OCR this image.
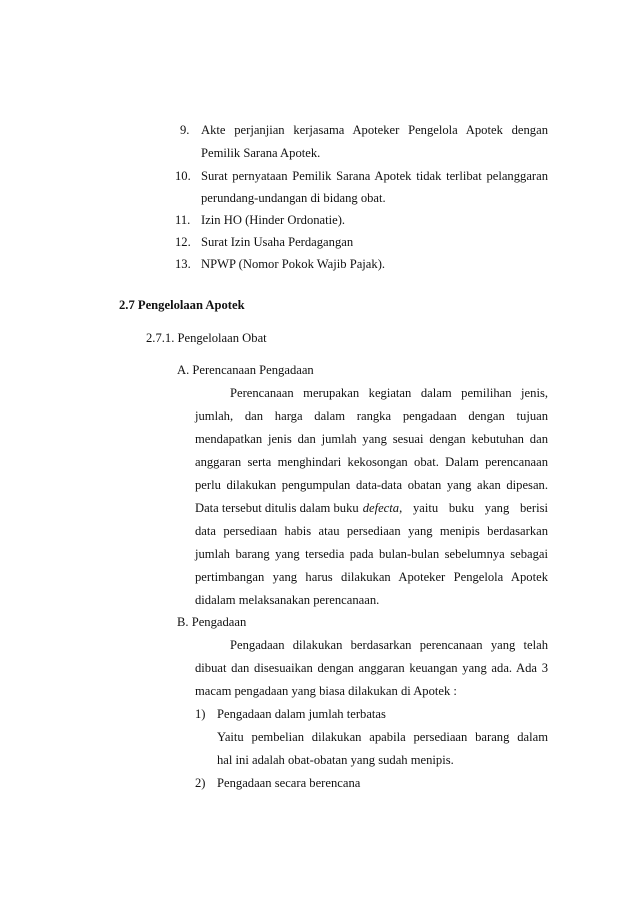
9. Akte perjanjian kerjasama Apoteker Pengelola Apotek dengan
Pemilik Sarana Apotek.
10. Surat pernyataan Pemilik Sarana Apotek tidak terlibat pelanggaran
perundang-undangan di bidang obat.
11. Izin HO (Hinder Ordonatie).
12. Surat Izin Usaha Perdagangan
13. NPWP (Nomor Pokok Wajib Pajak).
2.7 Pengelolaan Apotek
2.7.1. Pengelolaan Obat
A. Perencanaan Pengadaan
Perencanaan merupakan kegiatan dalam pemilihan jenis,
jumlah, dan harga dalam rangka pengadaan dengan tujuan
mendapatkan jenis dan jumlah yang sesuai dengan kebutuhan dan
anggaran serta menghindari kekosongan obat. Dalam perencanaan
perlu dilakukan pengumpulan data-data obatan yang akan dipesan.
Data tersebut ditulis dalam buku defecta , yaitu buku yang berisi
data persediaan habis atau persediaan yang menipis berdasarkan
jumlah barang yang tersedia pada bulan-bulan sebelumnya sebagai
pertimbangan yang harus dilakukan Apoteker Pengelola Apotek
didalam melaksanakan perencanaan.
B. Pengadaan
Pengadaan dilakukan berdasarkan perencanaan yang telah
dibuat dan disesuaikan dengan anggaran keuangan yang ada. Ada 3
macam pengadaan yang biasa dilakukan di Apotek :
1) Pengadaan dalam jumlah terbatas
Yaitu pembelian dilakukan apabila persediaan barang dalam
hal ini adalah obat-obatan yang sudah menipis.
2) Pengadaan secara berencana
